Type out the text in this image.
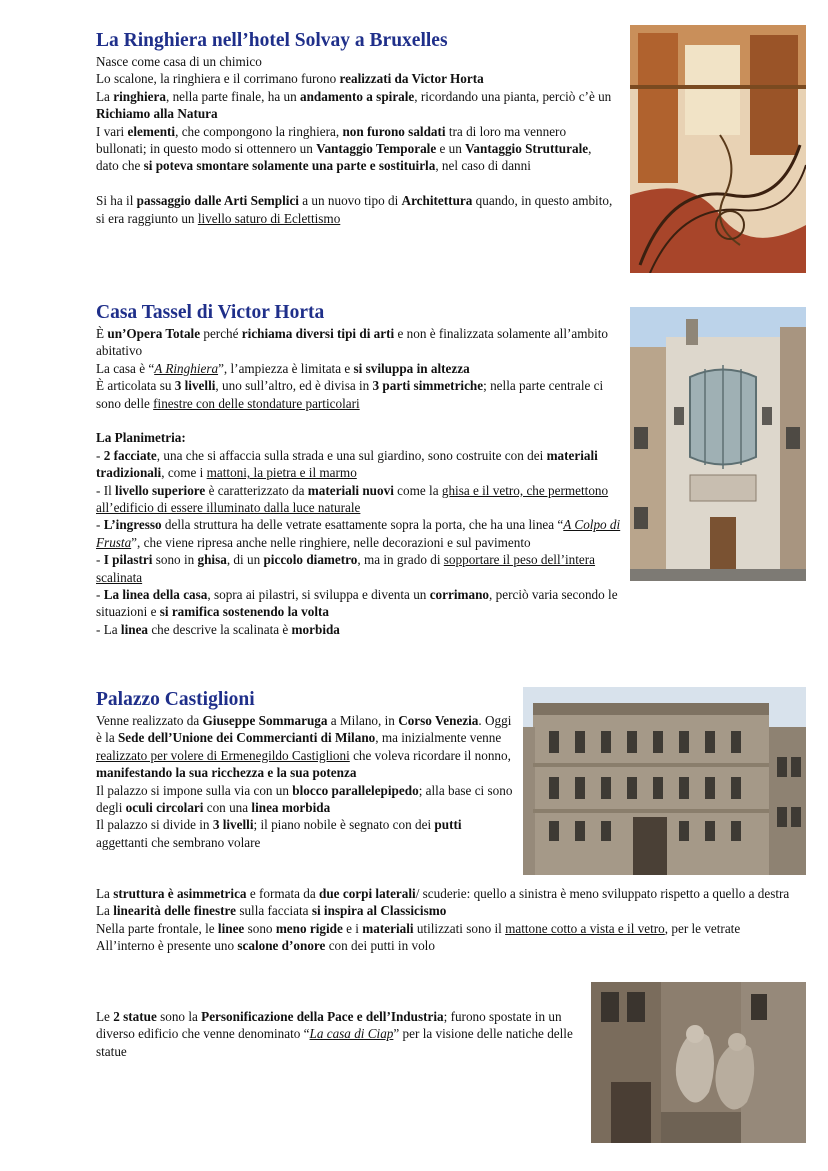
La Ringhiera nell’hotel Solvay a Bruxelles

Nasce come casa di un chimico

Lo scalone, la ringhiera e il corrimano furono realizzati da Victor Horta

La ringhiera, nella parte finale, ha un andamento a spirale, ricordando una pianta, perciò c’è un Richiamo alla Natura

I vari elementi, che compongono la ringhiera, non furono saldati tra di loro ma vennero bullonati; in questo modo si ottennero un Vantaggio Temporale e un Vantaggio Strutturale, dato che si poteva smontare solamente una parte e sostituirla, nel caso di danni

Si ha il passaggio dalle Arti Semplici a un nuovo tipo di Architettura quando, in questo ambito, si era raggiunto un livello saturo di Eclettismo

Casa Tassel di Victor Horta

È un’Opera Totale perché richiama diversi tipi di arti e non è finalizzata solamente all’ambito abitativo

La casa è “A Ringhiera”, l’ampiezza è limitata e si sviluppa in altezza

È articolata su 3 livelli, uno sull’altro, ed è divisa in 3 parti simmetriche; nella parte centrale ci sono delle finestre con delle stondature particolari

La Planimetria:

- 2 facciate, una che si affaccia sulla strada e una sul giardino, sono costruite con dei materiali tradizionali, come i mattoni, la pietra e il marmo

- Il livello superiore è caratterizzato da materiali nuovi come la ghisa e il vetro, che permettono all’edificio di essere illuminato dalla luce naturale

- L’ingresso della struttura ha delle vetrate esattamente sopra la porta, che ha una linea “A Colpo di Frusta”, che viene ripresa anche nelle ringhiere, nelle decorazioni e sul pavimento

- I pilastri sono in ghisa, di un piccolo diametro, ma in grado di sopportare il peso dell’intera scalinata

- La linea della casa, sopra ai pilastri, si sviluppa e diventa un corrimano, perciò varia secondo le situazioni e si ramifica sostenendo la volta

- La linea che descrive la scalinata è morbida

Palazzo Castiglioni

Venne realizzato da Giuseppe Sommaruga a Milano, in Corso Venezia. Oggi è la Sede dell’Unione dei Commercianti di Milano, ma inizialmente venne realizzato per volere di Ermenegildo Castiglioni che voleva ricordare il nonno, manifestando la sua ricchezza e la sua potenza

Il palazzo si impone sulla via con un blocco parallelepipedo; alla base ci sono degli oculi circolari con una linea morbida

Il palazzo si divide in 3 livelli; il piano nobile è segnato con dei putti aggettanti che sembrano volare

La struttura è asimmetrica e formata da due corpi laterali/ scuderie: quello a sinistra è meno sviluppato rispetto a quello a destra

La linearità delle finestre sulla facciata si inspira al Classicismo

Nella parte frontale, le linee sono meno rigide e i materiali utilizzati sono il mattone cotto a vista e il vetro, per le vetrate

All’interno è presente uno scalone d’onore con dei putti in volo

Le 2 statue sono la Personificazione della Pace e dell’Industria; furono spostate in un diverso edificio che venne denominato “La casa di Ciap” per la visione delle natiche delle statue
